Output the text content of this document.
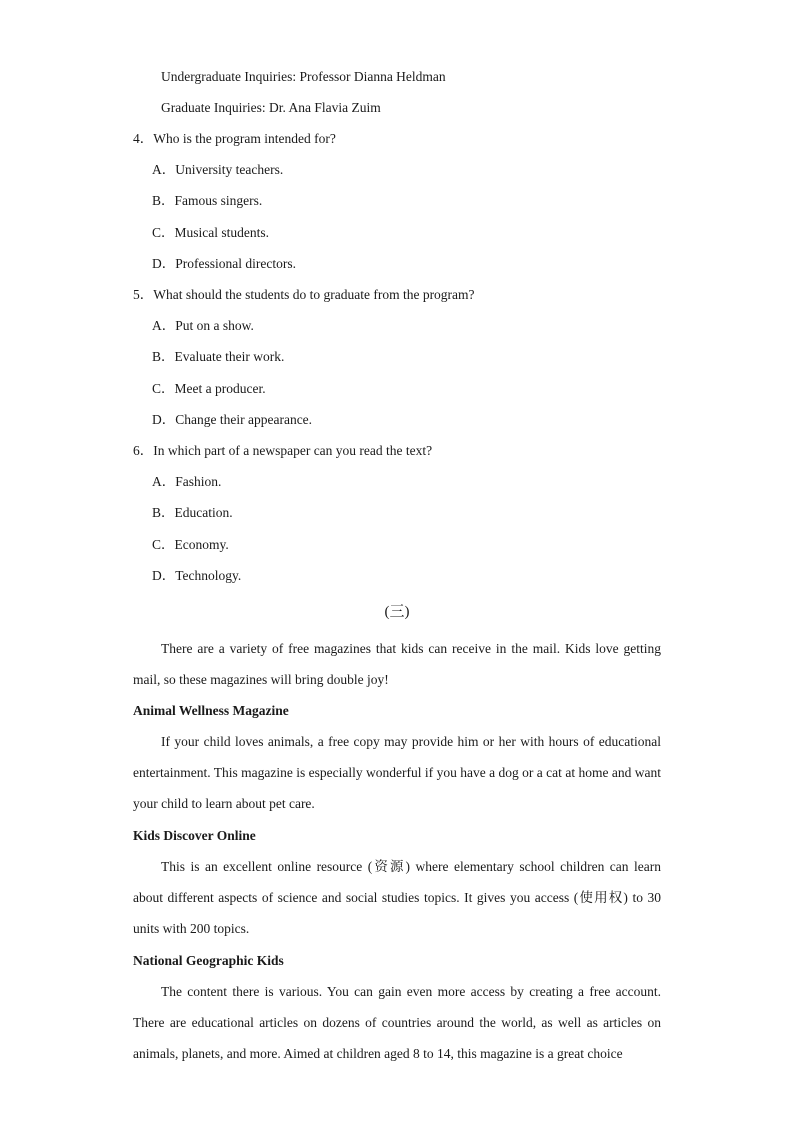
Undergraduate Inquiries: Professor Dianna Heldman
Graduate Inquiries: Dr. Ana Flavia Zuim
4．Who is the program intended for?
A．University teachers.
B．Famous singers.
C．Musical students.
D．Professional directors.
5．What should the students do to graduate from the program?
A．Put on a show.
B．Evaluate their work.
C．Meet a producer.
D．Change their appearance.
6．In which part of a newspaper can you read the text?
A．Fashion.
B．Education.
C．Economy.
D．Technology.
(三)
There are a variety of free magazines that kids can receive in the mail. Kids love getting mail, so these magazines will bring double joy!
Animal Wellness Magazine
If your child loves animals, a free copy may provide him or her with hours of educational entertainment. This magazine is especially wonderful if you have a dog or a cat at home and want your child to learn about pet care.
Kids Discover Online
This is an excellent online resource (资源) where elementary school children can learn about different aspects of science and social studies topics. It gives you access (使用权) to 30 units with 200 topics.
National Geographic Kids
The content there is various. You can gain even more access by creating a free account. There are educational articles on dozens of countries around the world, as well as articles on animals, planets, and more. Aimed at children aged 8 to 14, this magazine is a great choice
